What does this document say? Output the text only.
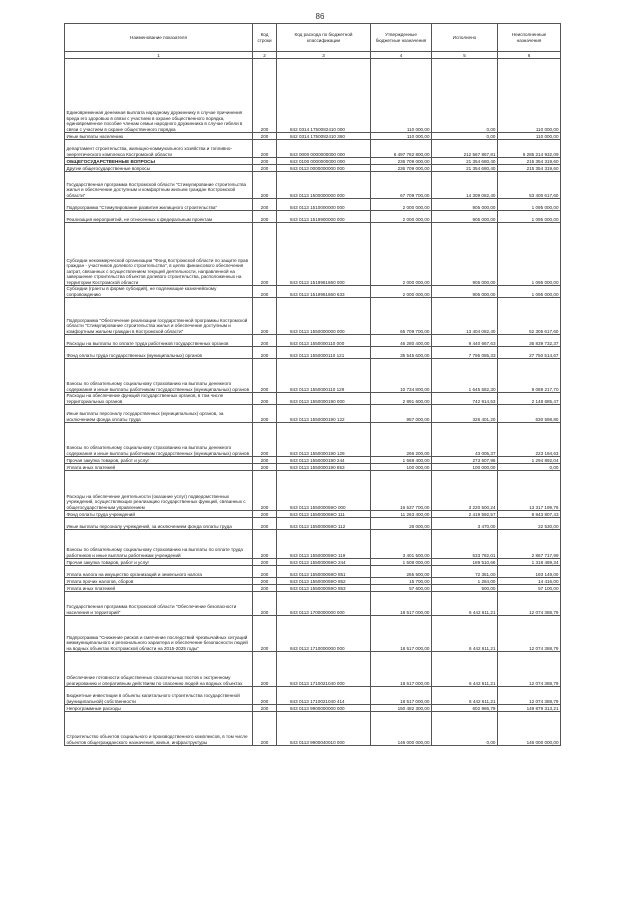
86
Наименование показателя	Код строки	Код расхода по бюджетной классификации	Утвержденные бюджетные назначения	Исполнено	Неисполненные назначения
1	2	3	4	5	6
Единовременная денежная выплата народному дружиннику в случае причинения вреда его здоровью в связи с участием в охране общественного порядка, единовременное пособие членам семьи народного дружинника в случае гибели в связи с участием в охране общественного порядка	200	842 0314 1750082410 000	110 000,00	0,00	110 000,00
Иные выплаты населению	200	842 0314 1750082410 360	110 000,00	0,00	110 000,00
департамент строительства, жилищно-коммунального хозяйства и топливно-энергетического комплекса Костромской области	200	843 0000 0000000000 000	6 497 782 800,00	212 567 867,81	6 285 214 932,09
ОБЩЕГОСУДАРСТВЕННЫЕ ВОПРОСЫ	200	843 0100 0000000000 000	236 709 000,00	21 354 680,40	215 354 319,60
Другие общегосударственные вопросы	200	843 0113 0000000000 000	236 709 000,00	21 354 680,40	215 354 319,60
Государственная программа Костромской области "Стимулирование строительства жилья и обеспечение доступным и комфортным жильем граждан Костромской области"	200	843 0113 1500000000 000	67 709 700,00	14 309 082,40	53 400 617,60
Подпрограмма "Стимулирование развития жилищного строительства"	200	843 0113 1510000000 000	2 000 000,00	905 000,00	1 095 000,00
Реализация мероприятий, не отнесенных к федеральным проектам	200	843 0113 1519900000 000	2 000 000,00	905 000,00	1 095 000,00
Субсидии некоммерческой организации "Фонд Костромской области по защите прав граждан - участников долевого строительства", в целях финансового обеспечения затрат, связанных с осуществлением текущей деятельности, направленной на завершение строительства объектов долевого строительства, расположенных на территории Костромской области	200	843 0113 1519961660 000	2 000 000,00	905 000,00	1 095 000,00
Субсидии (гранты в форме субсидий), не подлежащие казначейскому сопровождению	200	843 0113 1519961660 633	2 000 000,00	905 000,00	1 095 000,00
Подпрограмма "Обеспечение реализации государственной программы Костромской области "Стимулирование строительства жилья и обеспечение доступным и комфортным жильем граждан в Костромской области"	200	843 0113 1550000000 000	65 709 700,00	13 404 082,40	52 305 617,60
Расходы на выплаты по оплате труда работников государственных органов	200	843 0113 1550000110 000	46 280 400,00	9 440 667,63	36 839 732,37
Фонд оплаты труда государственных (муниципальных) органов	200	843 0113 1550000110 121	35 545 600,00	7 795 085,33	27 750 514,67
Взносы по обязательному социальному страхованию на выплаты денежного содержания и иные выплаты работникам государственных (муниципальных) органов	200	843 0113 1550000110 129	10 734 800,00	1 645 582,30	9 089 217,70
Расходы на обеспечение функций государственных органов, в том числе территориальных органов	200	843 0113 1550000190 000	2 891 600,00	742 914,53	2 148 685,47
Иные выплаты персоналу государственных (муниципальных) органов, за исключением фонда оплаты труда	200	843 0113 1550000190 122	957 000,00	326 401,20	630 598,80
Взносы по обязательному социальному страхованию на выплаты денежного содержания и иные выплаты работникам государственных (муниципальных) органов	200	843 0113 1550000190 129	266 200,00	43 005,37	223 194,63
Прочая закупка товаров, работ и услуг	200	843 0113 1550000190 244	1 568 400,00	273 507,96	1 294 892,04
Уплата иных платежей	200	843 0113 1550000190 853	100 000,00	100 000,00	0,00
Расходы на обеспечение деятельности (оказание услуг) подведомственных учреждений, осуществляющих реализацию государственных функций, связанных с общегосударственным управлением	200	843 0113 155000059О 000	16 537 700,00	3 220 500,24	13 317 199,76
Фонд оплаты труда учреждений	200	843 0113 155000059О 111	11 263 400,00	2 419 592,57	8 843 807,43
Иные выплаты персоналу учреждений, за исключением фонда оплаты труда	200	843 0113 155000059О 112	26 000,00	3 470,00	22 530,00
Взносы по обязательному социальному страхованию на выплаты по оплате труда работников и иные выплаты работникам учреждений	200	843 0113 155000059О 119	3 401 500,00	533 782,01	2 867 717,99
Прочая закупка товаров, работ и услуг	200	843 0113 155000059О 244	1 508 000,00	189 510,66	1 318 489,34
Уплата налога на имущество организаций и земельного налога	200	843 0113 155000059О 851	265 500,00	72 351,00	193 149,00
Уплата прочих налогов, сборов	200	843 0113 155000059О 852	15 700,00	1 284,00	14 416,00
Уплата иных платежей	200	843 0113 155000059О 853	57 600,00	500,00	57 100,00
Государственная программа Костромской области "Обеспечение безопасности населения и территорий"	200	843 0113 1700000000 000	18 517 000,00	6 442 611,21	12 074 388,79
Подпрограмма "Снижение рисков и смягчение последствий чрезвычайных ситуаций межмуниципального и регионального характера и обеспечение безопасности людей на водных объектах Костромской области на 2015-2025 годы"	200	843 0113 1710000000 000	18 517 000,00	6 442 611,21	12 074 388,79
Обеспечение готовности общественных спасательных постов к экстренному реагированию и оперативным действиям по спасению людей на водных объектах	200	843 0113 1710021040 000	18 517 000,00	6 442 611,21	12 074 388,79
Бюджетные инвестиции в объекты капитального строительства государственной (муниципальной) собственности	200	843 0113 1710021040 414	18 517 000,00	6 442 611,21	12 074 388,79
Непрограммные расходы	200	843 0113 9900000000 000	150 482 300,00	602 986,79	149 879 313,21
Строительство объектов социального и производственного комплексов, в том числе объектов общегражданского назначения, жилья, инфраструктуры	200	843 0113 9900040010 000	146 000 000,00	0,00	146 000 000,00
